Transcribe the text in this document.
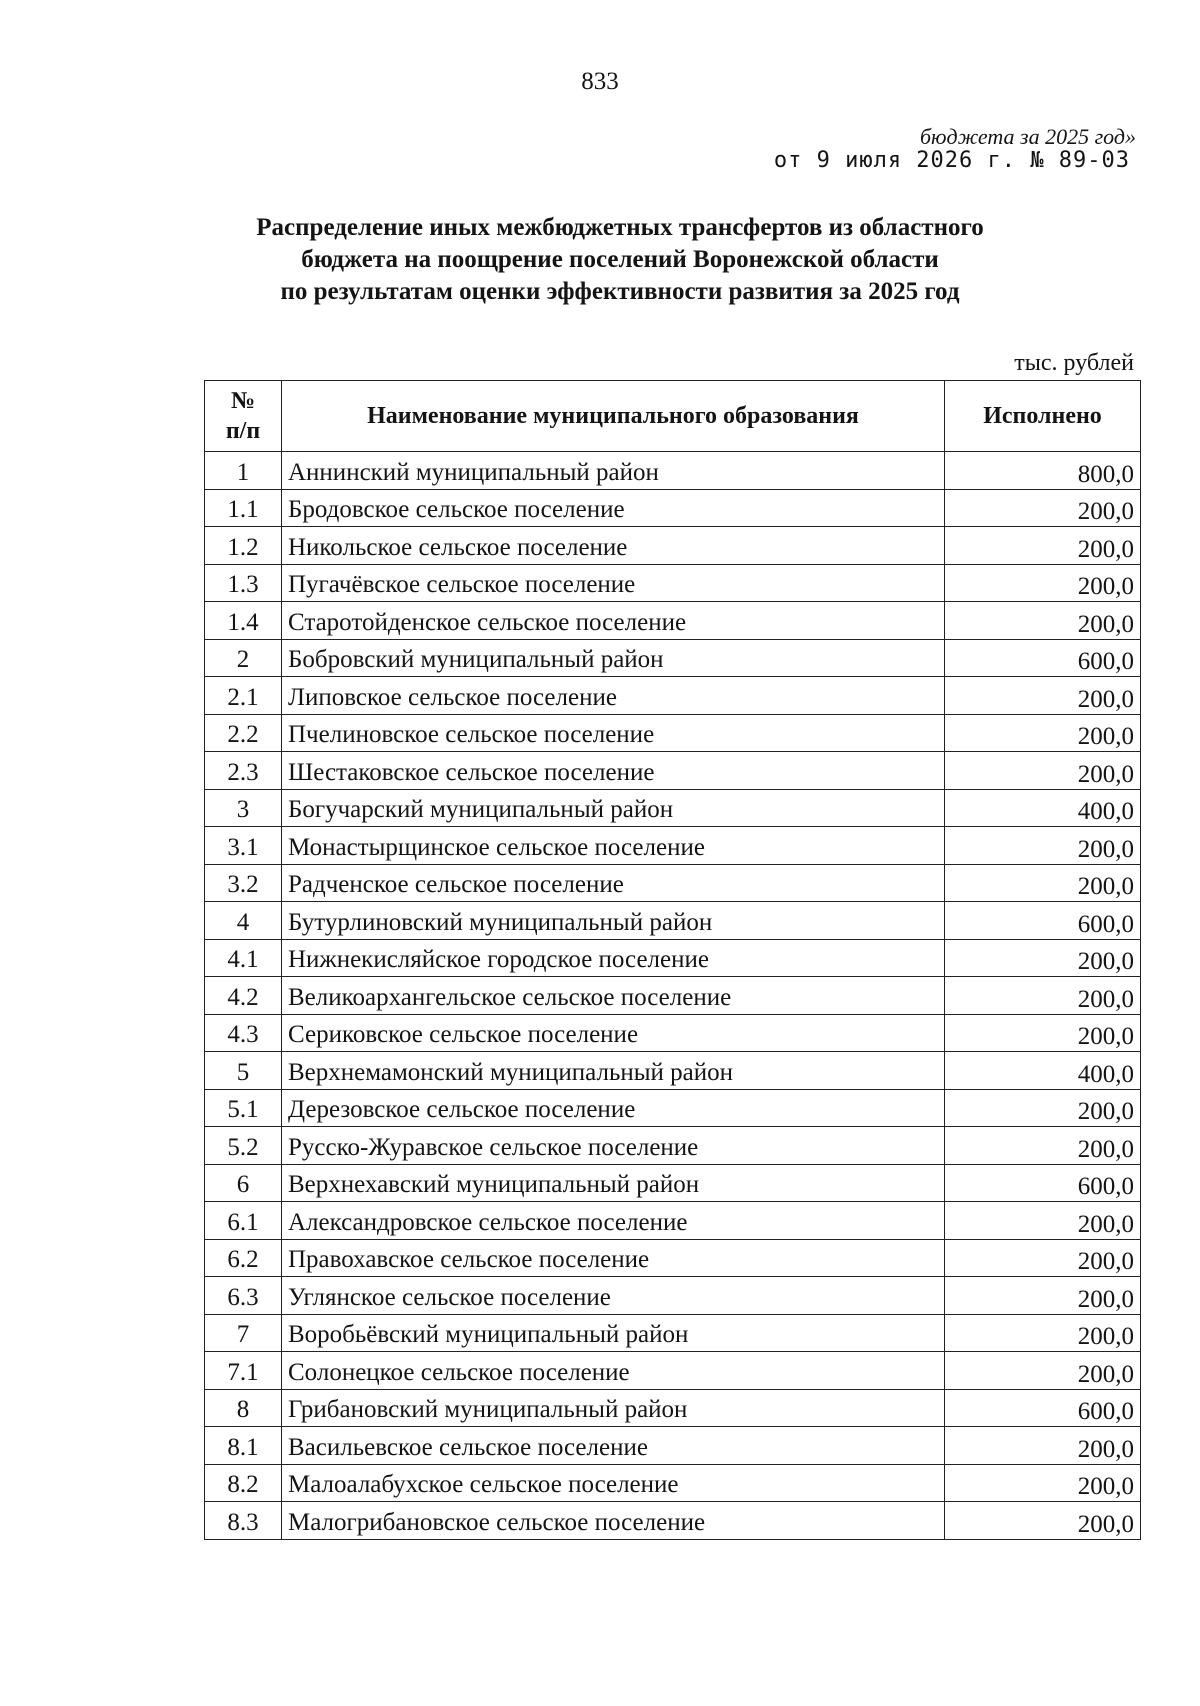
833
бюджета за 2025 год»
от 9 июля 2026 г. № 89-03
Распределение иных межбюджетных трансфертов из областного
бюджета на поощрение поселений Воронежской области
по результатам оценки эффективности развития за 2025 год
тыс. рублей
№
п/п	Наименование муниципального образования	Исполнено
1	Аннинский муниципальный район	800,0
1.1	Бродовское сельское поселение	200,0
1.2	Никольское сельское поселение	200,0
1.3	Пугачёвское сельское поселение	200,0
1.4	Старотойденское сельское поселение	200,0
2	Бобровский муниципальный район	600,0
2.1	Липовское сельское поселение	200,0
2.2	Пчелиновское сельское поселение	200,0
2.3	Шестаковское сельское поселение	200,0
3	Богучарский муниципальный район	400,0
3.1	Монастырщинское сельское поселение	200,0
3.2	Радченское сельское поселение	200,0
4	Бутурлиновский муниципальный район	600,0
4.1	Нижнекисляйское городское поселение	200,0
4.2	Великоархангельское сельское поселение	200,0
4.3	Сериковское сельское поселение	200,0
5	Верхнемамонский муниципальный район	400,0
5.1	Дерезовское сельское поселение	200,0
5.2	Русско-Журавское сельское поселение	200,0
6	Верхнехавский муниципальный район	600,0
6.1	Александровское сельское поселение	200,0
6.2	Правохавское сельское поселение	200,0
6.3	Углянское сельское поселение	200,0
7	Воробьёвский муниципальный район	200,0
7.1	Солонецкое сельское поселение	200,0
8	Грибановский муниципальный район	600,0
8.1	Васильевское сельское поселение	200,0
8.2	Малоалабухское сельское поселение	200,0
8.3	Малогрибановское сельское поселение	200,0
